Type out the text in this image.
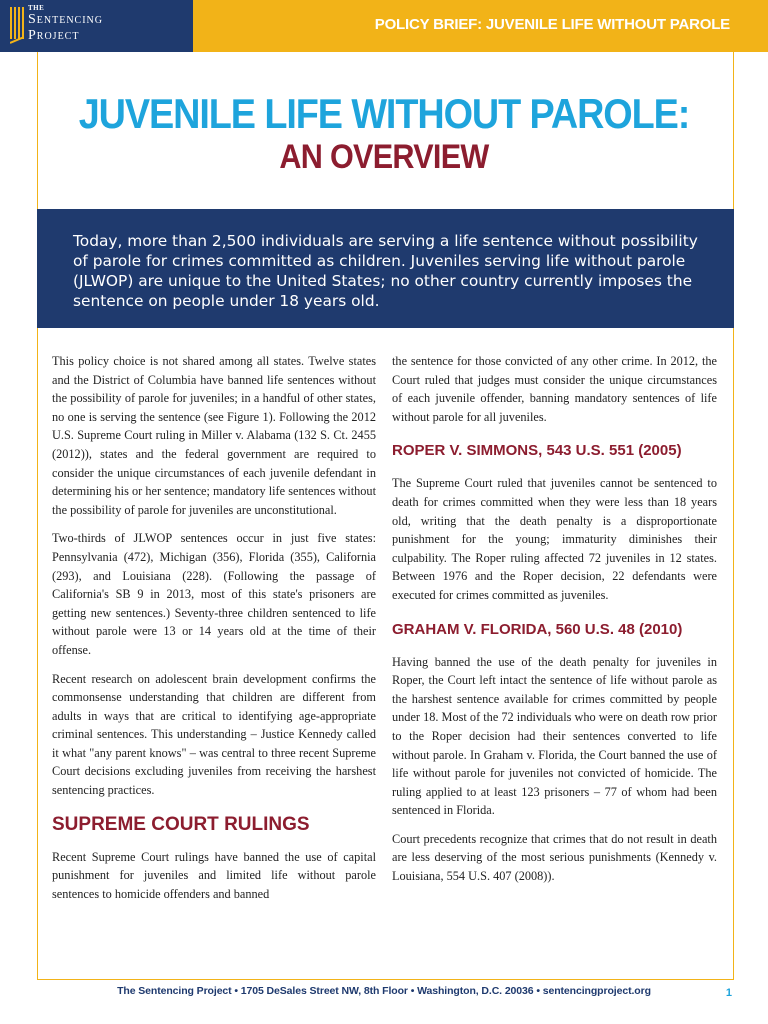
THE
Sentencing
Project
POLICY BRIEF: JUVENILE LIFE WITHOUT PAROLE
JUVENILE LIFE WITHOUT PAROLE:
AN OVERVIEW
Today, more than 2,500 individuals are serving a life sentence without possibility of parole for crimes committed as children. Juveniles serving life without parole (JLWOP) are unique to the United States; no other country currently imposes the sentence on people under 18 years old.

This policy choice is not shared among all states. Twelve states and the District of Columbia have banned life sentences without the possibility of parole for juveniles; in a handful of other states, no one is serving the sentence (see Figure 1). Following the 2012 U.S. Supreme Court ruling in Miller v. Alabama (132 S. Ct. 2455 (2012)), states and the federal government are required to consider the unique circumstances of each juvenile defendant in determining his or her sentence; mandatory life sentences without the possibility of parole for juveniles are unconstitutional.

Two-thirds of JLWOP sentences occur in just five states: Pennsylvania (472), Michigan (356), Florida (355), California (293), and Louisiana (228). (Following the passage of California's SB 9 in 2013, most of this state's prisoners are getting new sentences.) Seventy-three children sentenced to life without parole were 13 or 14 years old at the time of their offense.

Recent research on adolescent brain development confirms the commonsense understanding that children are different from adults in ways that are critical to identifying age-appropriate criminal sentences. This understanding – Justice Kennedy called it what "any parent knows" – was central to three recent Supreme Court decisions excluding juveniles from receiving the harshest sentencing practices.

SUPREME COURT RULINGS

Recent Supreme Court rulings have banned the use of capital punishment for juveniles and limited life without parole sentences to homicide offenders and banned

the sentence for those convicted of any other crime. In 2012, the Court ruled that judges must consider the unique circumstances of each juvenile offender, banning mandatory sentences of life without parole for all juveniles.

ROPER V. SIMMONS, 543 U.S. 551 (2005)

The Supreme Court ruled that juveniles cannot be sentenced to death for crimes committed when they were less than 18 years old, writing that the death penalty is a disproportionate punishment for the young; immaturity diminishes their culpability. The Roper ruling affected 72 juveniles in 12 states. Between 1976 and the Roper decision, 22 defendants were executed for crimes committed as juveniles.

GRAHAM V. FLORIDA, 560 U.S. 48 (2010)

Having banned the use of the death penalty for juveniles in Roper, the Court left intact the sentence of life without parole as the harshest sentence available for crimes committed by people under 18. Most of the 72 individuals who were on death row prior to the Roper decision had their sentences converted to life without parole. In Graham v. Florida, the Court banned the use of life without parole for juveniles not convicted of homicide. The ruling applied to at least 123 prisoners – 77 of whom had been sentenced in Florida.

Court precedents recognize that crimes that do not result in death are less deserving of the most serious punishments (Kennedy v. Louisiana, 554 U.S. 407 (2008)).

The Sentencing Project • 1705 DeSales Street NW, 8th Floor • Washington, D.C. 20036 • sentencingproject.org	1
